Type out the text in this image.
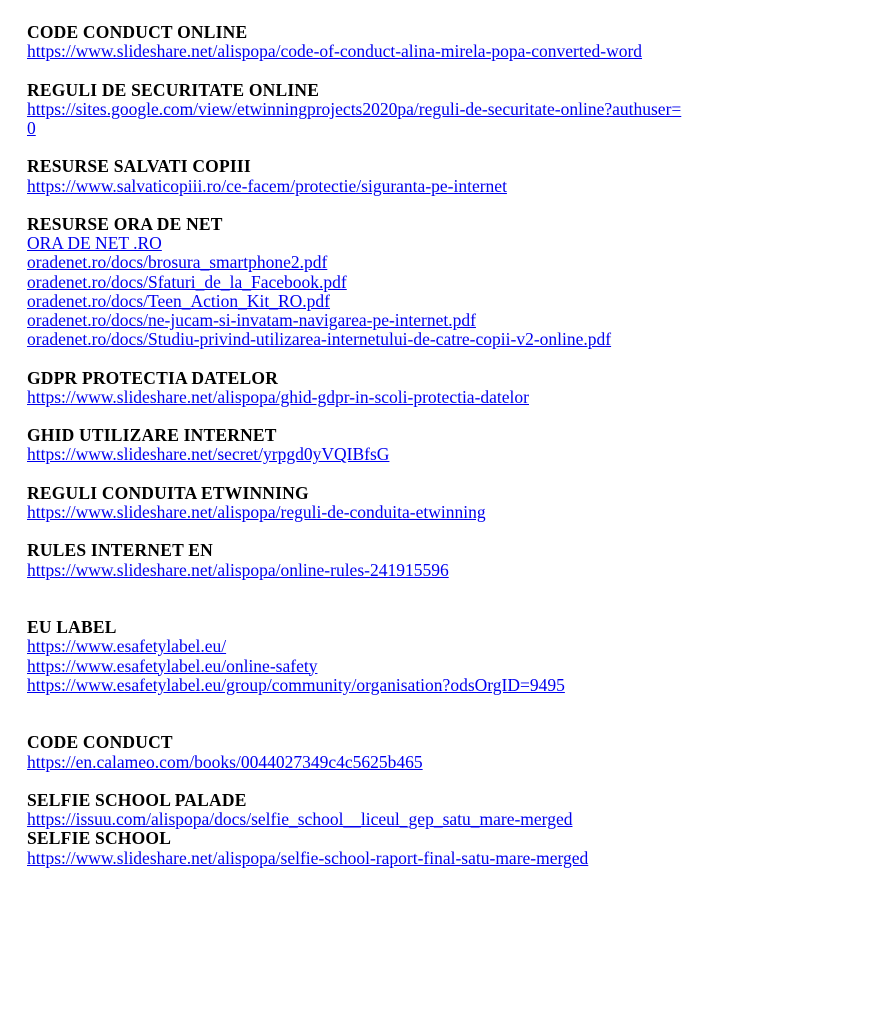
CODE CONDUCT ONLINE
https://www.slideshare.net/alispopa/code-of-conduct-alina-mirela-popa-converted-word
REGULI DE SECURITATE ONLINE
https://sites.google.com/view/etwinningprojects2020pa/reguli-de-securitate-online?authuser=0
RESURSE SALVATI COPIII
https://www.salvaticopiii.ro/ce-facem/protectie/siguranta-pe-internet
RESURSE ORA DE NET
ORA DE NET .RO
oradenet.ro/docs/brosura_smartphone2.pdf
oradenet.ro/docs/Sfaturi_de_la_Facebook.pdf
oradenet.ro/docs/Teen_Action_Kit_RO.pdf
oradenet.ro/docs/ne-jucam-si-invatam-navigarea-pe-internet.pdf
oradenet.ro/docs/Studiu-privind-utilizarea-internetului-de-catre-copii-v2-online.pdf
GDPR PROTECTIA DATELOR
https://www.slideshare.net/alispopa/ghid-gdpr-in-scoli-protectia-datelor
GHID UTILIZARE INTERNET
https://www.slideshare.net/secret/yrpgd0yVQIBfsG
REGULI CONDUITA ETWINNING
https://www.slideshare.net/alispopa/reguli-de-conduita-etwinning
RULES INTERNET EN
https://www.slideshare.net/alispopa/online-rules-241915596
EU LABEL
https://www.esafetylabel.eu/
https://www.esafetylabel.eu/online-safety
https://www.esafetylabel.eu/group/community/organisation?odsOrgID=9495
CODE CONDUCT
https://en.calameo.com/books/0044027349c4c5625b465
SELFIE SCHOOL PALADE
https://issuu.com/alispopa/docs/selfie_school__liceul_gep_satu_mare-merged
SELFIE SCHOOL
https://www.slideshare.net/alispopa/selfie-school-raport-final-satu-mare-merged
